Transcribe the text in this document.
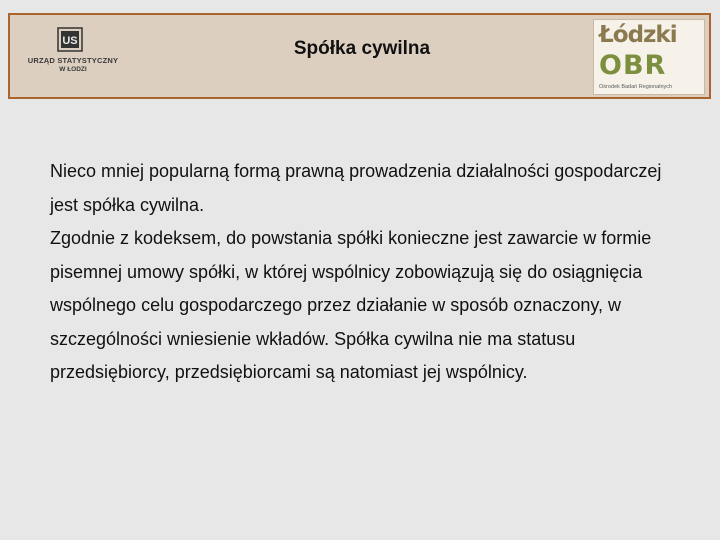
US
URZĄD STATYSTYCZNY
W ŁODZI
Spółka cywilna
Łódzki
OBR
Ośrodek Badań Regionalnych

Nieco mniej popularną formą prawną prowadzenia działalności gospodarczej jest spółka cywilna.

Zgodnie z kodeksem, do powstania spółki konieczne jest zawarcie w formie pisemnej umowy spółki, w której wspólnicy zobowiązują się do osiągnięcia wspólnego celu gospodarczego przez działanie w sposób oznaczony, w szczególności wniesienie wkładów. Spółka cywilna nie ma statusu przedsiębiorcy, przedsiębiorcami są natomiast jej wspólnicy.
